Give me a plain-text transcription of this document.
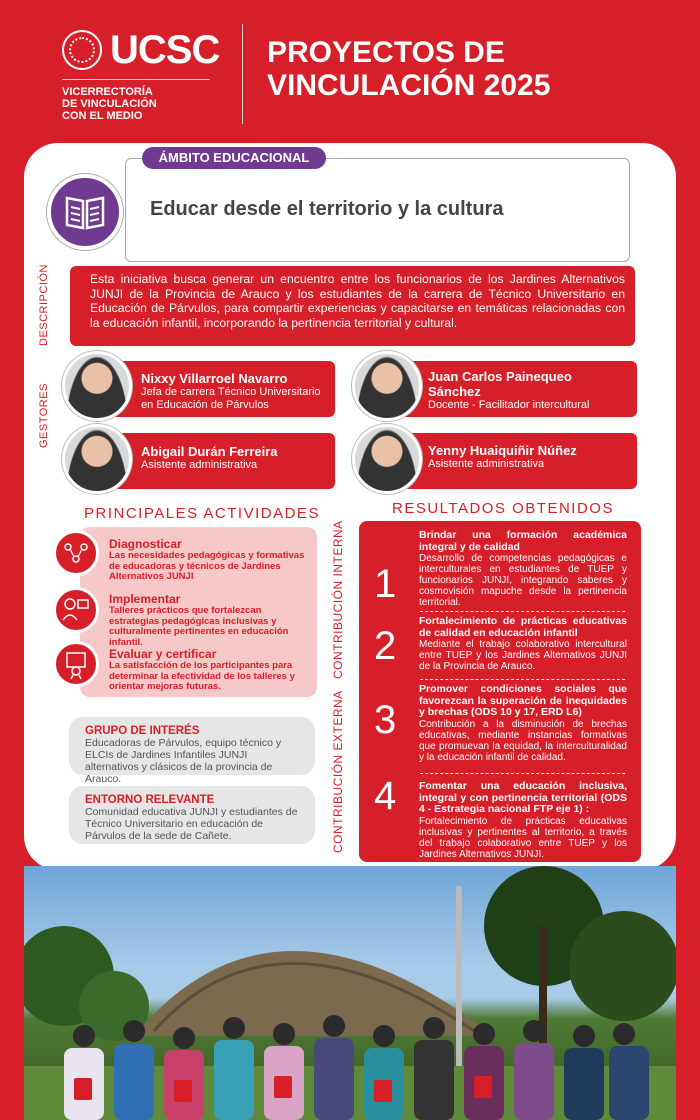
UCSC
VICERRECTORÍA
DE VINCULACIÓN
CON EL MEDIO
PROYECTOS DE
VINCULACIÓN 2025
ÁMBITO EDUCACIONAL
Educar desde el territorio y la cultura
DESCRIPCIÓN	Esta iniciativa busca generar un encuentro entre los funcionarios de los Jardines Alternativos JUNJI de la Provincia de Arauco y los estudiantes de la carrera de Técnico Universitario en Educación de Párvulos, para compartir experiencias y capacitarse en temáticas relacionadas con la educación infantil, incorporando la pertinencia territorial y cultural.
GESTORES
Nixxy Villarroel Navarro
Jefa de carrera Técnico Universitario en Educación de Párvulos
Juan Carlos Painequeo Sánchez
Docente - Facilitador intercultural
Abigail Durán Ferreira
Asistente administrativa
Yenny Huaiquiñir Núñez
Asistente administrativa
PRINCIPALES ACTIVIDADES
Diagnosticar
Las necesidades pedagógicas y formativas de educadoras y técnicos de Jardines Alternativos JUNJI
Implementar
Talleres prácticos que fortalezcan estrategias pedagógicas inclusivas y culturalmente pertinentes en educación infantil.
Evaluar y certificar
La satisfacción de los participantes para determinar la efectividad de los talleres y orientar mejoras futuras.
GRUPO DE INTERÉS
Educadoras de Párvulos, equipo técnico y ELCIs de Jardines Infantiles JUNJI alternativos y clásicos de la provincia de Arauco.
ENTORNO RELEVANTE
Comunidad educativa JUNJI y estudiantes de Técnico Universitario en educación de Párvulos de la sede de Cañete.
CONTRIBUCIÓN INTERNA
CONTRIBUCIÓN EXTERNA
RESULTADOS OBTENIDOS
1
Brindar una formación académica integral y de calidad
Desarrollo de competencias pedagógicas e interculturales en estudiantes de TUEP y funcionarios JUNJI, integrando saberes y cosmovisión mapuche desde la pertinencia territorial.
2
Fortalecimiento de prácticas educativas de calidad en educación infantil
Mediante el trabajo colaborativo intercultural entre TUEP y los Jardines Alternativos JUNJI de la Provincia de Arauco.
3
Promover condiciones sociales que favorezcan la superación de inequidades y brechas (ODS 10 y 17, ERD L6)
Contribución a la disminución de brechas educativas, mediante instancias formativas que promuevan la equidad, la interculturalidad y la educación infantil de calidad.
4 Fomentar una educación inclusiva, integral y con pertinencia territorial (ODS 4 - Estrategia nacional FTP eje 1) :
Fortalecimiento de prácticas educativas inclusivas y pertinentes al territorio, a través del trabajo colaborativo entre TUEP y los Jardines Alternativos JUNJI.
